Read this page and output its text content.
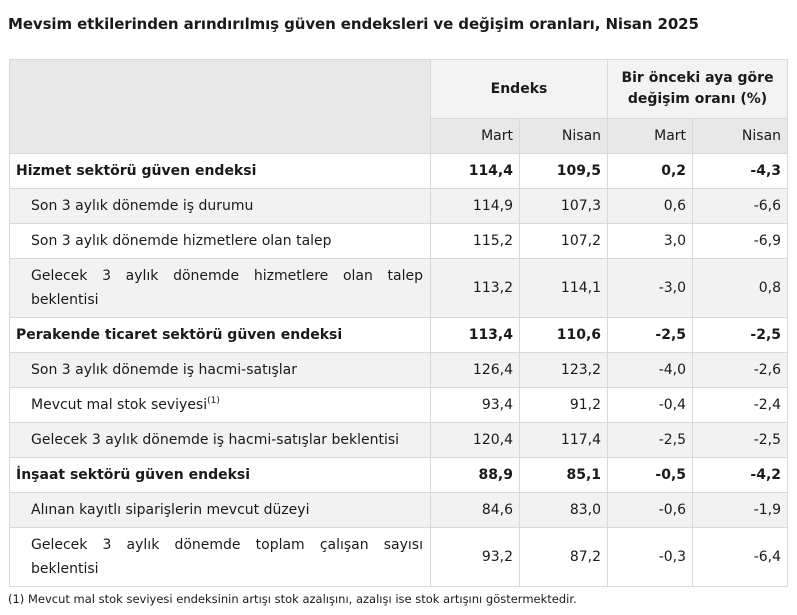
Mevsim etkilerinden arındırılmış güven endeksleri ve değişim oranları, Nisan 2025
	Endeks		Bir önceki aya göre değişim oranı (%)	
	Mart	Nisan	Mart	Nisan
Hizmet sektörü güven endeksi	114,4	109,5	0,2	-4,3
Son 3 aylık dönemde iş durumu	114,9	107,3	0,6	-6,6
Son 3 aylık dönemde hizmetlere olan talep	115,2	107,2	3,0	-6,9
Gelecek 3 aylık dönemde hizmetlere olan talep beklentisi	113,2	114,1	-3,0	0,8
Perakende ticaret sektörü güven endeksi	113,4	110,6	-2,5	-2,5
Son 3 aylık dönemde iş hacmi-satışlar	126,4	123,2	-4,0	-2,6
Mevcut mal stok seviyesi$^{(1)}$	93,4	91,2	-0,4	-2,4
Gelecek 3 aylık dönemde iş hacmi-satışlar beklentisi	120,4	117,4	-2,5	-2,5
İnşaat sektörü güven endeksi	88,9	85,1	-0,5	-4,2
Alınan kayıtlı siparişlerin mevcut düzeyi	84,6	83,0	-0,6	-1,9
Gelecek 3 aylık dönemde toplam çalışan sayısı beklentisi	93,2	87,2	-0,3	-6,4
(1) Mevcut mal stok seviyesi endeksinin artışı stok azalışını, azalışı ise stok artışını göstermektedir.
